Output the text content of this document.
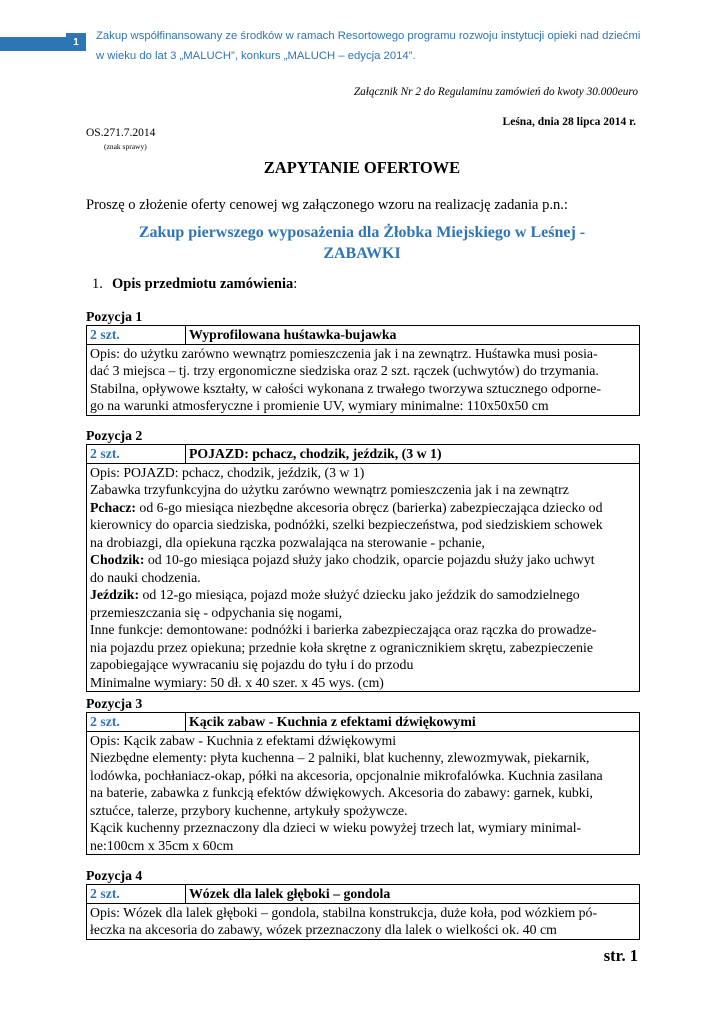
1	Zakup współfinansowany ze środków w ramach Resortowego programu rozwoju instytucji opieki nad dziećmi
w wieku do lat 3 „MALUCH”, konkurs „MALUCH – edycja 2014”.
Załącznik Nr 2 do Regulaminu zamówień do kwoty 30.000euro
Leśna, dnia 28 lipca 2014 r.
OS.271.7.2014
(znak sprawy)
ZAPYTANIE OFERTOWE
Proszę o złożenie oferty cenowej wg załączonego wzoru na realizację zadania p.n.:
Zakup pierwszego wyposażenia dla Żłobka Miejskiego w Leśnej -
ZABAWKI
1. Opis przedmiotu zamówienia:
Pozycja 1
2 szt.	Wyprofilowana huśtawka-bujawka

Opis: do użytku zarówno wewnątrz pomieszczenia jak i na zewnątrz. Huśtawka musi posia-
dać 3 miejsca – tj. trzy ergonomiczne siedziska oraz 2 szt. rączek (uchwytów) do trzymania.
Stabilna, opływowe kształty, w całości wykonana z trwałego tworzywa sztucznego odporne-
go na warunki atmosferyczne i promienie UV, wymiary minimalne: 110x50x50 cm
Pozycja 2
2 szt.	POJAZD: pchacz, chodzik, jeździk, (3 w 1)

Opis: POJAZD: pchacz, chodzik, jeździk, (3 w 1)
Zabawka trzyfunkcyjna do użytku zarówno wewnątrz pomieszczenia jak i na zewnątrz
Pchacz: od 6-go miesiąca niezbędne akcesoria obręcz (barierka) zabezpieczająca dziecko od
kierownicy do oparcia siedziska, podnóżki, szelki bezpieczeństwa, pod siedziskiem schowek
na drobiazgi, dla opiekuna rączka pozwalająca na sterowanie - pchanie,
Chodzik: od 10-go miesiąca pojazd służy jako chodzik, oparcie pojazdu służy jako uchwyt
do nauki chodzenia.
Jeździk: od 12-go miesiąca, pojazd może służyć dziecku jako jeździk do samodzielnego
przemieszczania się - odpychania się nogami,
Inne funkcje: demontowane: podnóżki i barierka zabezpieczająca oraz rączka do prowadze-
nia pojazdu przez opiekuna; przednie koła skrętne z ogranicznikiem skrętu, zabezpieczenie
zapobiegające wywracaniu się pojazdu do tyłu i do przodu
Minimalne wymiary: 50 dł. x 40 szer. x 45 wys. (cm)
Pozycja 3
2 szt.	Kącik zabaw - Kuchnia z efektami dźwiękowymi

Opis: Kącik zabaw - Kuchnia z efektami dźwiękowymi
Niezbędne elementy: płyta kuchenna – 2 palniki, blat kuchenny, zlewozmywak, piekarnik,
lodówka, pochłaniacz-okap, półki na akcesoria, opcjonalnie mikrofalówka. Kuchnia zasilana
na baterie, zabawka z funkcją efektów dźwiękowych. Akcesoria do zabawy: garnek, kubki,
sztućce, talerze, przybory kuchenne, artykuły spożywcze.
Kącik kuchenny przeznaczony dla dzieci w wieku powyżej trzech lat, wymiary minimal-
ne:100cm x 35cm x 60cm
Pozycja 4
2 szt.	Wózek dla lalek głęboki – gondola

Opis: Wózek dla lalek głęboki – gondola, stabilna konstrukcja, duże koła, pod wózkiem pó-
łeczka na akcesoria do zabawy, wózek przeznaczony dla lalek o wielkości ok. 40 cm
str. 1
